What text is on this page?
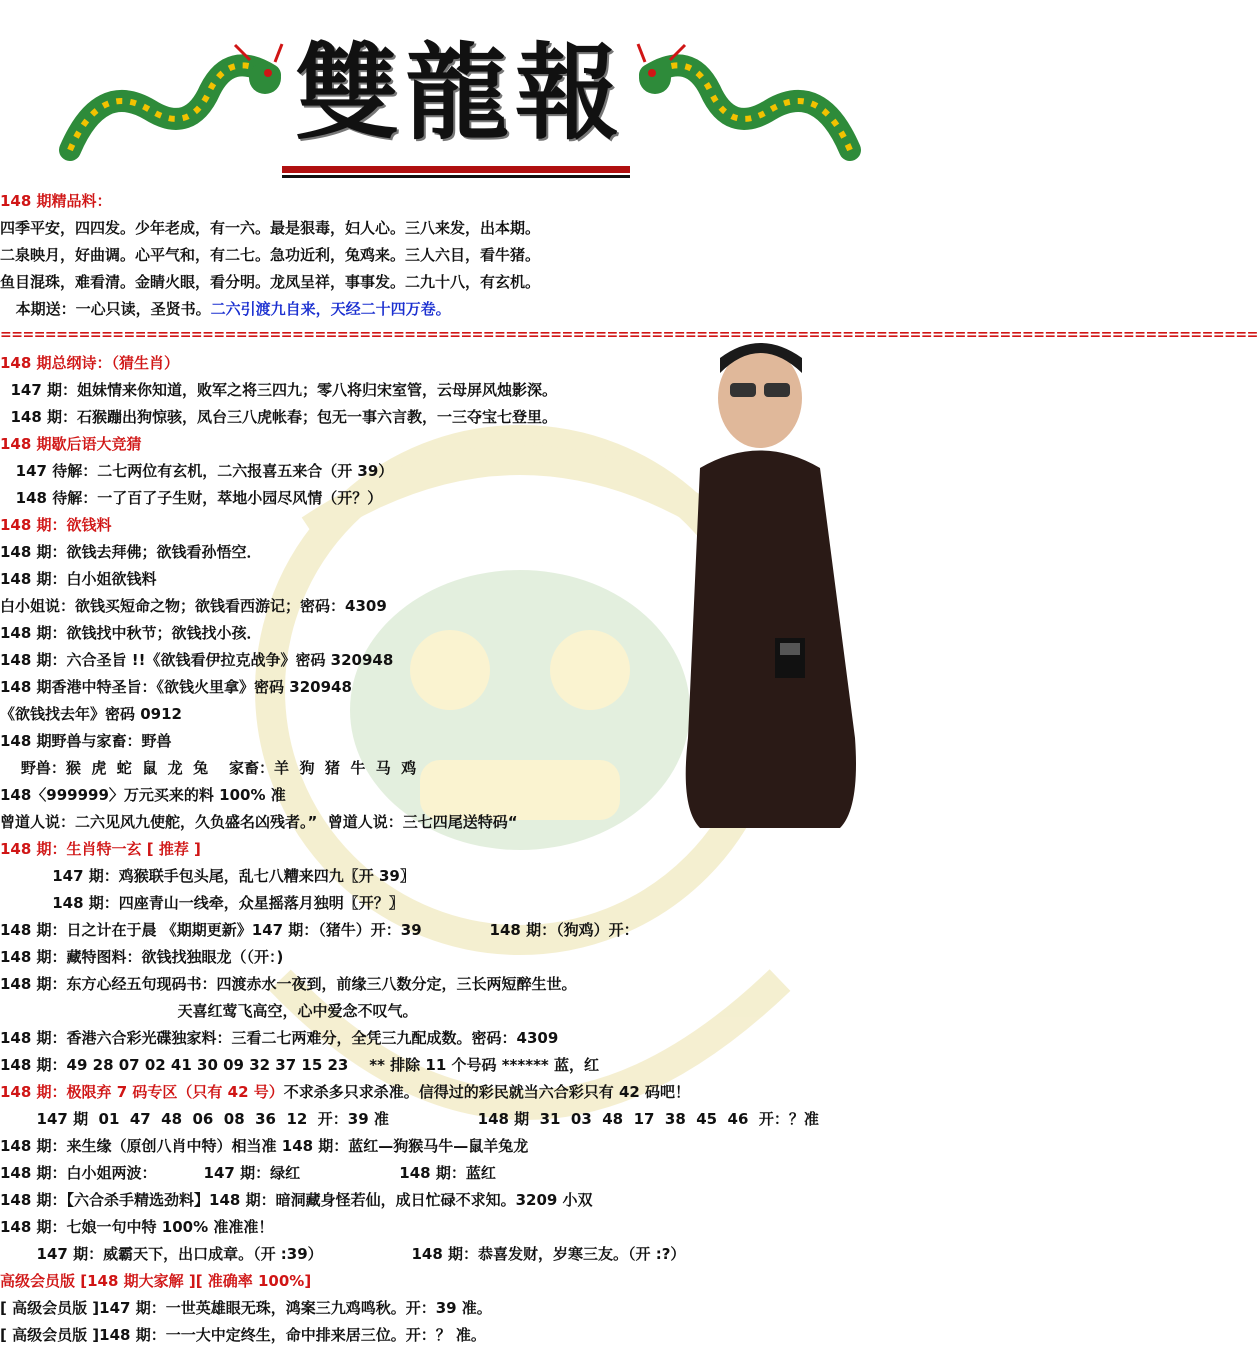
雙龍報
================================================================================================================
148 期精品料：
四季平安，四四发。少年老成，有一六。最是狠毒，妇人心。三八来发，出本期。
二泉映月，好曲调。心平气和，有二七。急功近利，兔鸡来。三人六目，看牛猪。
鱼目混珠，难看清。金睛火眼，看分明。龙凤呈祥，事事发。二九十八，有玄机。
本期送：一心只读，圣贤书。二六引渡九自来，天经二十四万卷。
148 期总纲诗：（猜生肖）
147 期：姐妹情来你知道，败军之将三四九；零八将归宋室管，云母屏风烛影深。
148 期：石猴蹦出狗惊骇，凤台三八虎帐春；包无一事六言教，一三夺宝七登里。
148 期歇后语大竞猜
147 待解：二七两位有玄机，二六报喜五来合（开 39）
148 待解：一了百了子生财，萃地小园尽风情（开？）
148 期：欲钱料
148 期：欲钱去拜佛；欲钱看孙悟空．
148 期：白小姐欲钱料
白小姐说：欲钱买短命之物；欲钱看西游记；密码：4309
148 期：欲钱找中秋节；欲钱找小孩．
148 期：六合圣旨 !!《欲钱看伊拉克战争》密码 320948
148 期香港中特圣旨：《欲钱火里拿》密码 320948
《欲钱找去年》密码 0912
148 期野兽与家畜：野兽
野兽：猴  虎  蛇  鼠  龙  兔    家畜：羊  狗  猪  牛  马  鸡
148〈999999〉万元买来的料 100% 准
曾道人说：二六见风九使舵，久负盛名凶残者。”  曾道人说：三七四尾送特码“
148 期：生肖特一玄 [ 推荐 ]
147 期：鸡猴联手包头尾，乱七八糟来四九〖开 39〗
148 期：四座青山一线牵，众星摇落月独明〖开？〗
148 期：日之计在于晨 《期期更新》147 期：（猪牛）开：39             148 期：（狗鸡）开：
148 期：藏特图料：欲钱找独眼龙（（开：)
148 期：东方心经五句现码书：四渡赤水一夜到，前缘三八数分定，三长两短醉生世。
天喜红莺飞高空，心中爱念不叹气。
148 期：香港六合彩光碟独家料：三看二七两难分，全凭三九配成数。密码：4309
148 期：49 28 07 02 41 30 09 32 37 15 23    ** 排除 11 个号码 ****** 蓝，红
148 期：极限弃 7 码专区（只有 42 号）不求杀多只求杀准。信得过的彩民就当六合彩只有 42 码吧！
147 期  01  47  48  06  08  36  12  开：39 准                 148 期  31  03  48  17  38  45  46  开：？准
148 期：来生缘（原创八肖中特）相当准 148 期：蓝红—狗猴马牛—鼠羊兔龙
148 期：白小姐两波：         147 期：绿红                   148 期：蓝红
148 期：【六合杀手精选劲料】148 期：暗洞藏身怪若仙，成日忙碌不求知。3209 小双
148 期：七娘一句中特 100% 准准准！
147 期：威霸天下，出口成章。（开 :39）                 148 期：恭喜发财，岁寒三友。（开 :?）
高级会员版 [148 期大家解 ][ 准确率 100%]
[ 高级会员版 ]147 期：一世英雄眼无珠，鸿案三九鸡鸣秋。开：39 准。
[ 高级会员版 ]148 期：一一大中定终生，命中排来居三位。开：？ 准。
